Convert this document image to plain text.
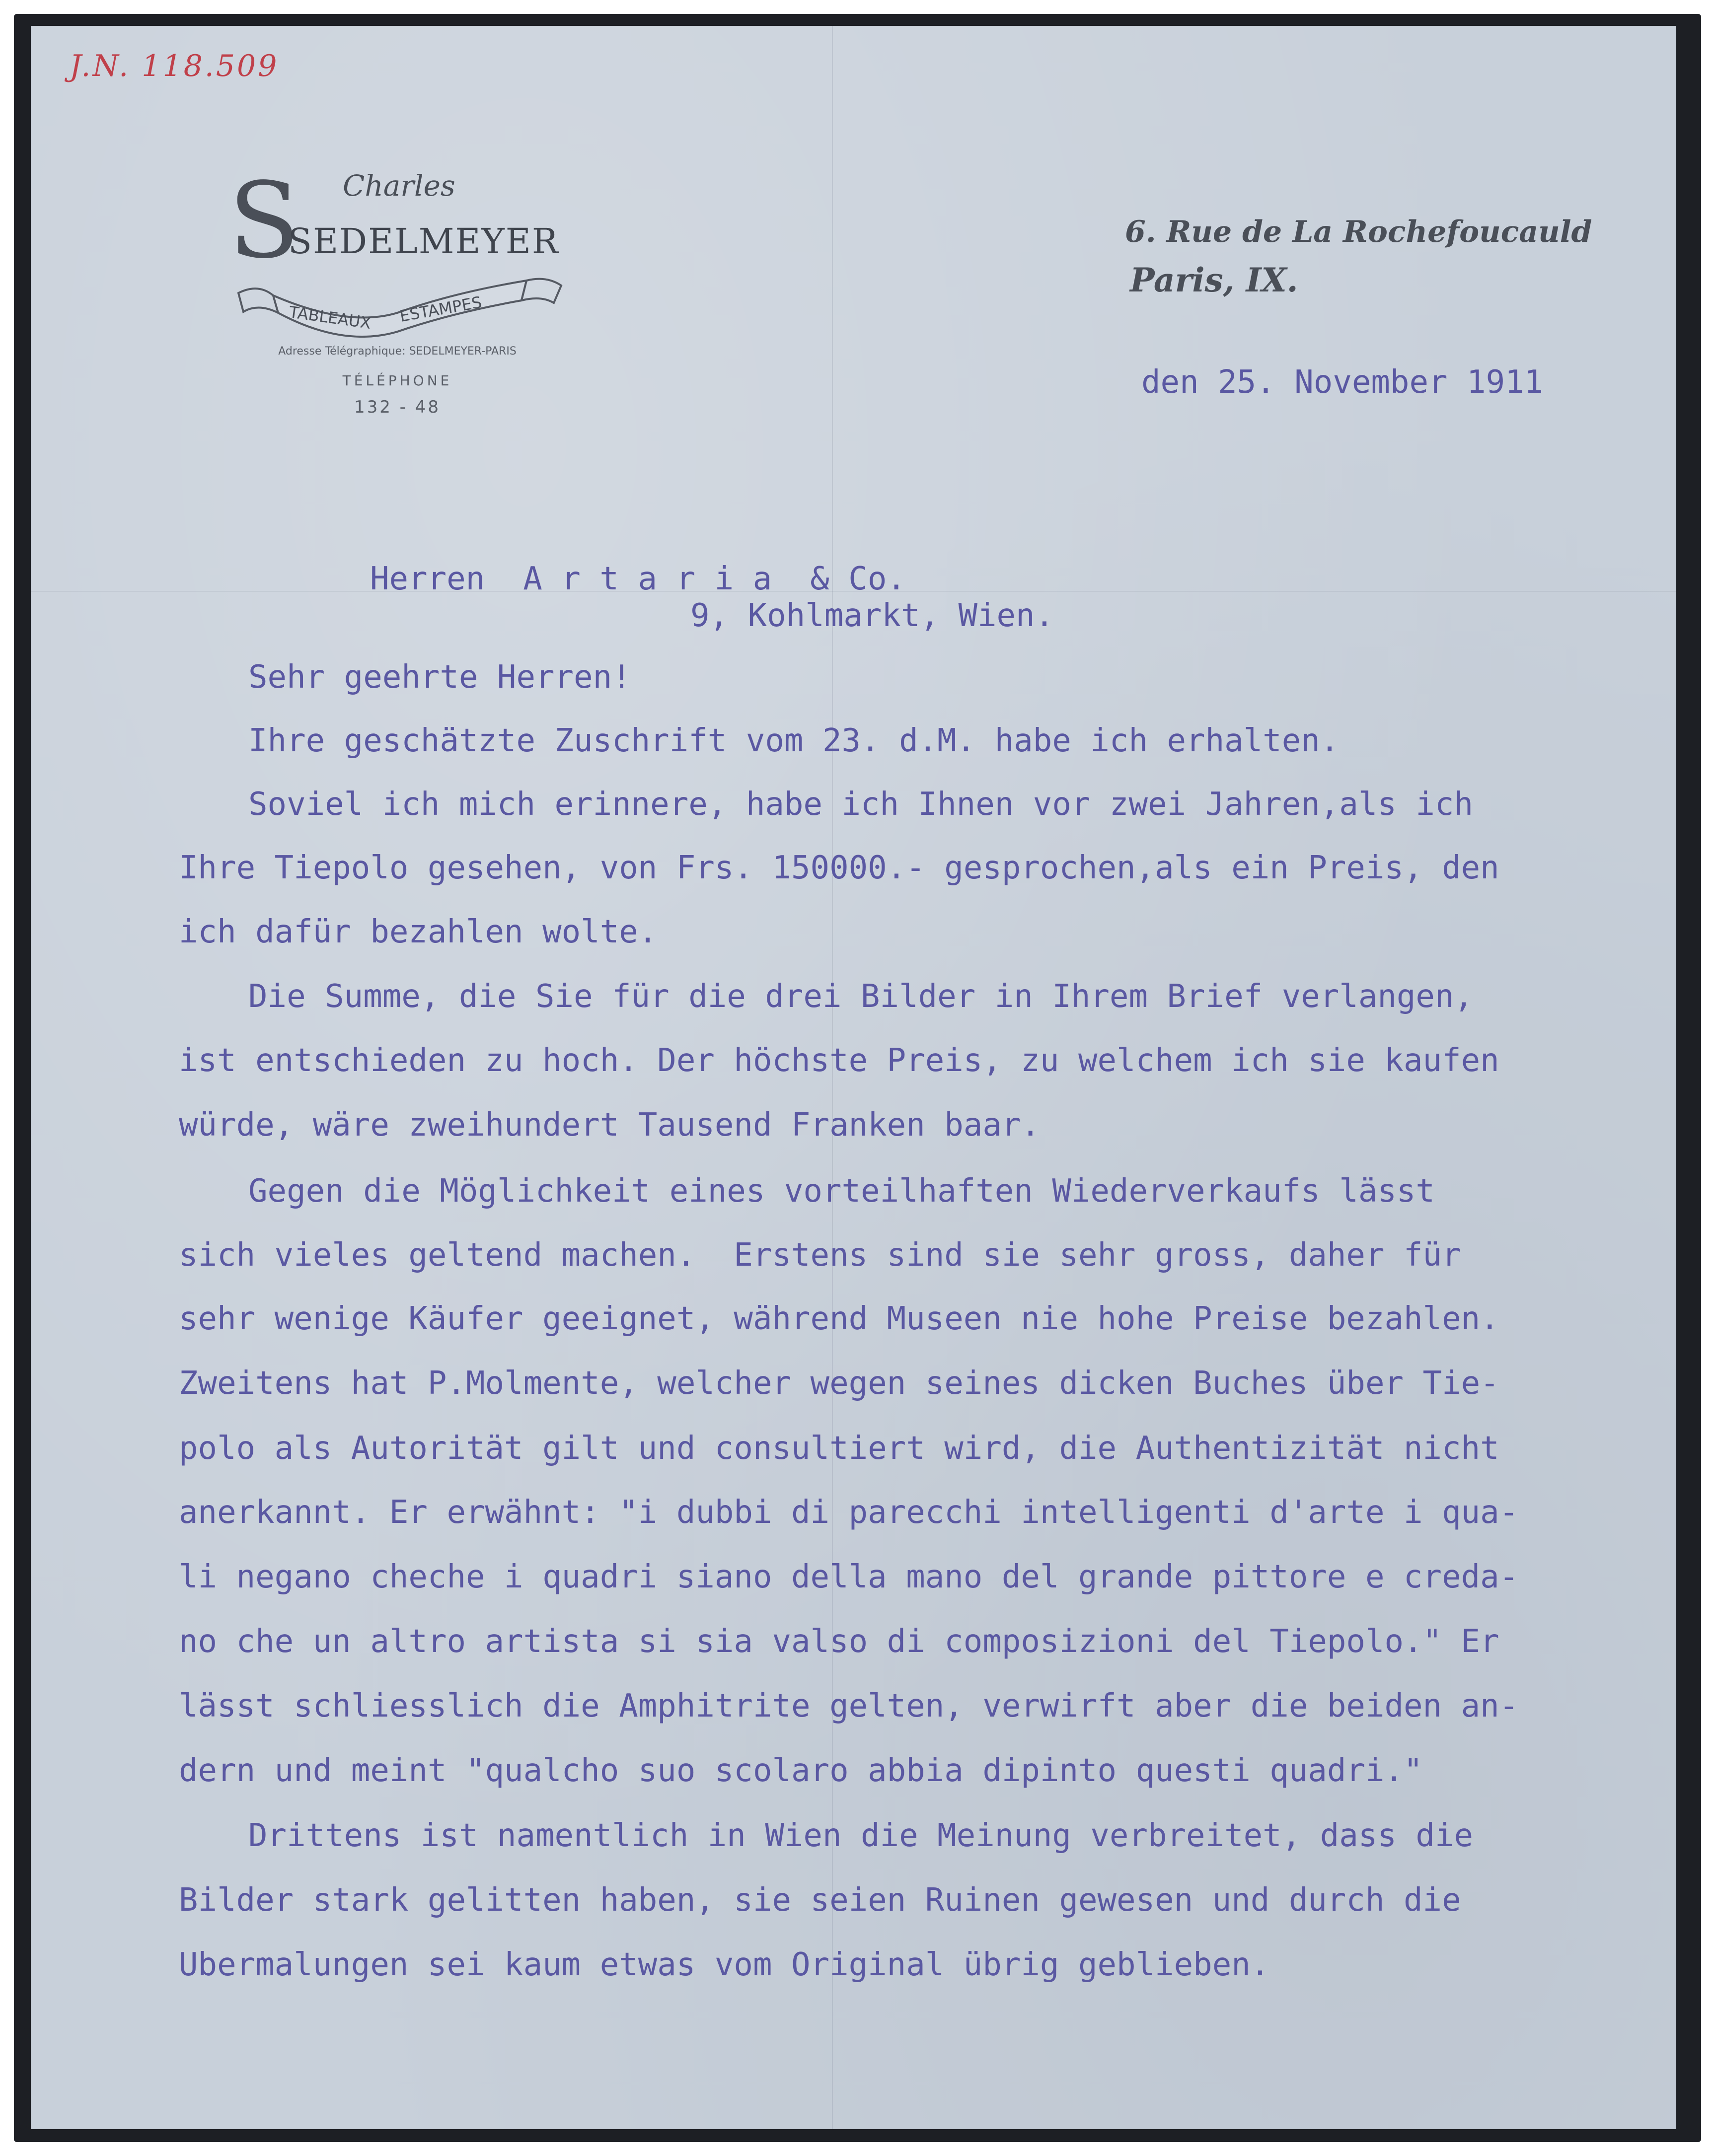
J.N. 118.509
S Charles
SEDELMEYER
TABLEAUX ESTAMPES
Adresse Télégraphique: SEDELMEYER-PARIS
TÉLÉPHONE
132 - 48
6. Rue de La Rochefoucauld
Paris, IX.
den 25. November 1911
Herren  A r t a r i a  & Co.
9, Kohlmarkt, Wien.
Sehr geehrte Herren!
Ihre geschätzte Zuschrift vom 23. d.M. habe ich erhalten.
Soviel ich mich erinnere, habe ich Ihnen vor zwei Jahren,als ich
Ihre Tiepolo gesehen, von Frs. 150000.- gesprochen,als ein Preis, den
ich dafür bezahlen wolte.
Die Summe, die Sie für die drei Bilder in Ihrem Brief verlangen,
ist entschieden zu hoch. Der höchste Preis, zu welchem ich sie kaufen
würde, wäre zweihundert Tausend Franken baar.
Gegen die Möglichkeit eines vorteilhaften Wiederverkaufs lässt
sich vieles geltend machen.  Erstens sind sie sehr gross, daher für
sehr wenige Käufer geeignet, während Museen nie hohe Preise bezahlen.
Zweitens hat P.Molmente, welcher wegen seines dicken Buches über Tie-
polo als Autorität gilt und consultiert wird, die Authentizität nicht
anerkannt. Er erwähnt: "i dubbi di parecchi intelligenti d'arte i qua-
li negano cheche i quadri siano della mano del grande pittore e creda-
no che un altro artista si sia valso di composizioni del Tiepolo." Er
lässt schliesslich die Amphitrite gelten, verwirft aber die beiden an-
dern und meint "qualcho suo scolaro abbia dipinto questi quadri."
Drittens ist namentlich in Wien die Meinung verbreitet, dass die
Bilder stark gelitten haben, sie seien Ruinen gewesen und durch die
Ubermalungen sei kaum etwas vom Original übrig geblieben.
